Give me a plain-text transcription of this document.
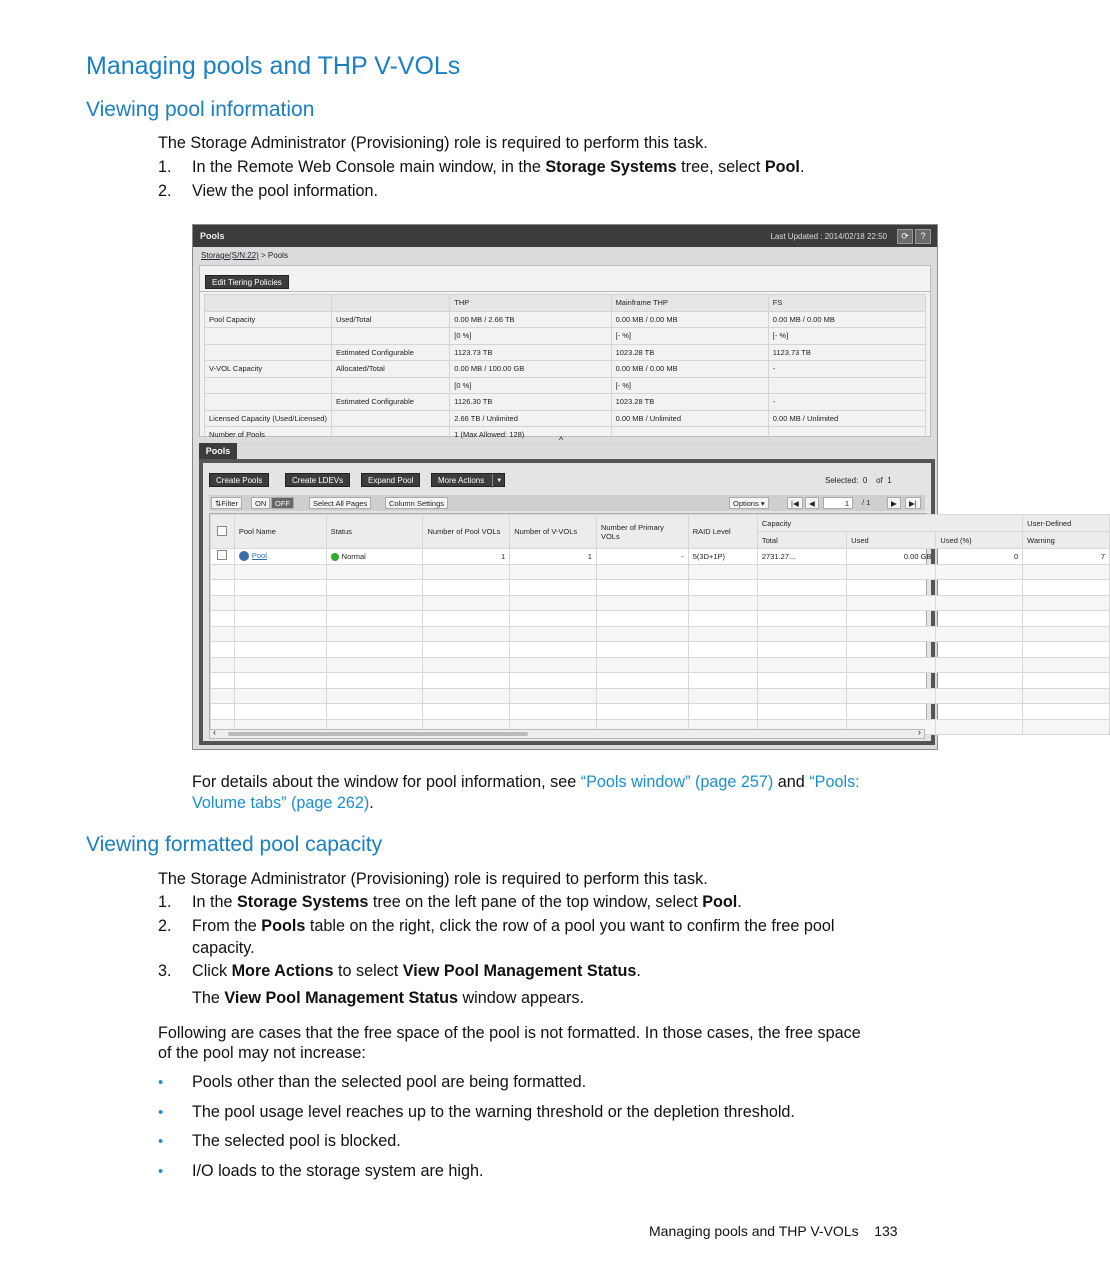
Managing pools and THP V-VOLs
Viewing pool information
The Storage Administrator (Provisioning) role is required to perform this task.
1. In the Remote Web Console main window, in the Storage Systems tree, select Pool.
2. View the pool information.
Pools	Last Updated : 2014/02/18 22:50	⟳	?
Storage(S/N:22) > Pools
Edit Tiering Policies
		THP	Mainframe THP	FS
Pool Capacity	Used/Total	0.00 MB / 2.66 TB	0.00 MB / 0.00 MB	0.00 MB / 0.00 MB
		[0 %]	[- %]	[- %]
	Estimated Configurable	1123.73 TB	1023.28 TB	1123.73 TB
V-VOL Capacity	Allocated/Total	0.00 MB / 100.00 GB	0.00 MB / 0.00 MB	-
		[0 %]	[- %]	
	Estimated Configurable	1126.30 TB	1023.28 TB	-
Licensed Capacity (Used/Licensed)		2.66 TB / Unlimited	0.00 MB / Unlimited	0.00 MB / Unlimited
Number of Pools		1 (Max Allowed: 128)		
^
Pools
Create Pools	Create LDEVs	Expand Pool	More Actions	▼	Selected: 0 of 1
⇅Filter	ON	OFF	Select All Pages	Column Settings	Options ▾	|◀	◀	1	/ 1	▶	▶|
	Pool Name	Status	Number of Pool VOLs	Number of V-VOLs	Number of Primary VOLs	RAID Level	Capacity			User-Defined
							Total	Used	Used (%)	Warning
	Pool	Normal	1	1	-	5(3D+1P)	2731.27...	0.00 GB	0	7

‹	›
For details about the window for pool information, see “Pools window” (page 257) and “Pools:
Volume tabs” (page 262).
Viewing formatted pool capacity
The Storage Administrator (Provisioning) role is required to perform this task.
1. In the Storage Systems tree on the left pane of the top window, select Pool.
2. From the Pools table on the right, click the row of a pool you want to confirm the free pool
capacity.
3. Click More Actions to select View Pool Management Status.
The View Pool Management Status window appears.
Following are cases that the free space of the pool is not formatted. In those cases, the free space
of the pool may not increase:
• Pools other than the selected pool are being formatted.
• The pool usage level reaches up to the warning threshold or the depletion threshold.
• The selected pool is blocked.
• I/O loads to the storage system are high.
Managing pools and THP V-VOLs 133
